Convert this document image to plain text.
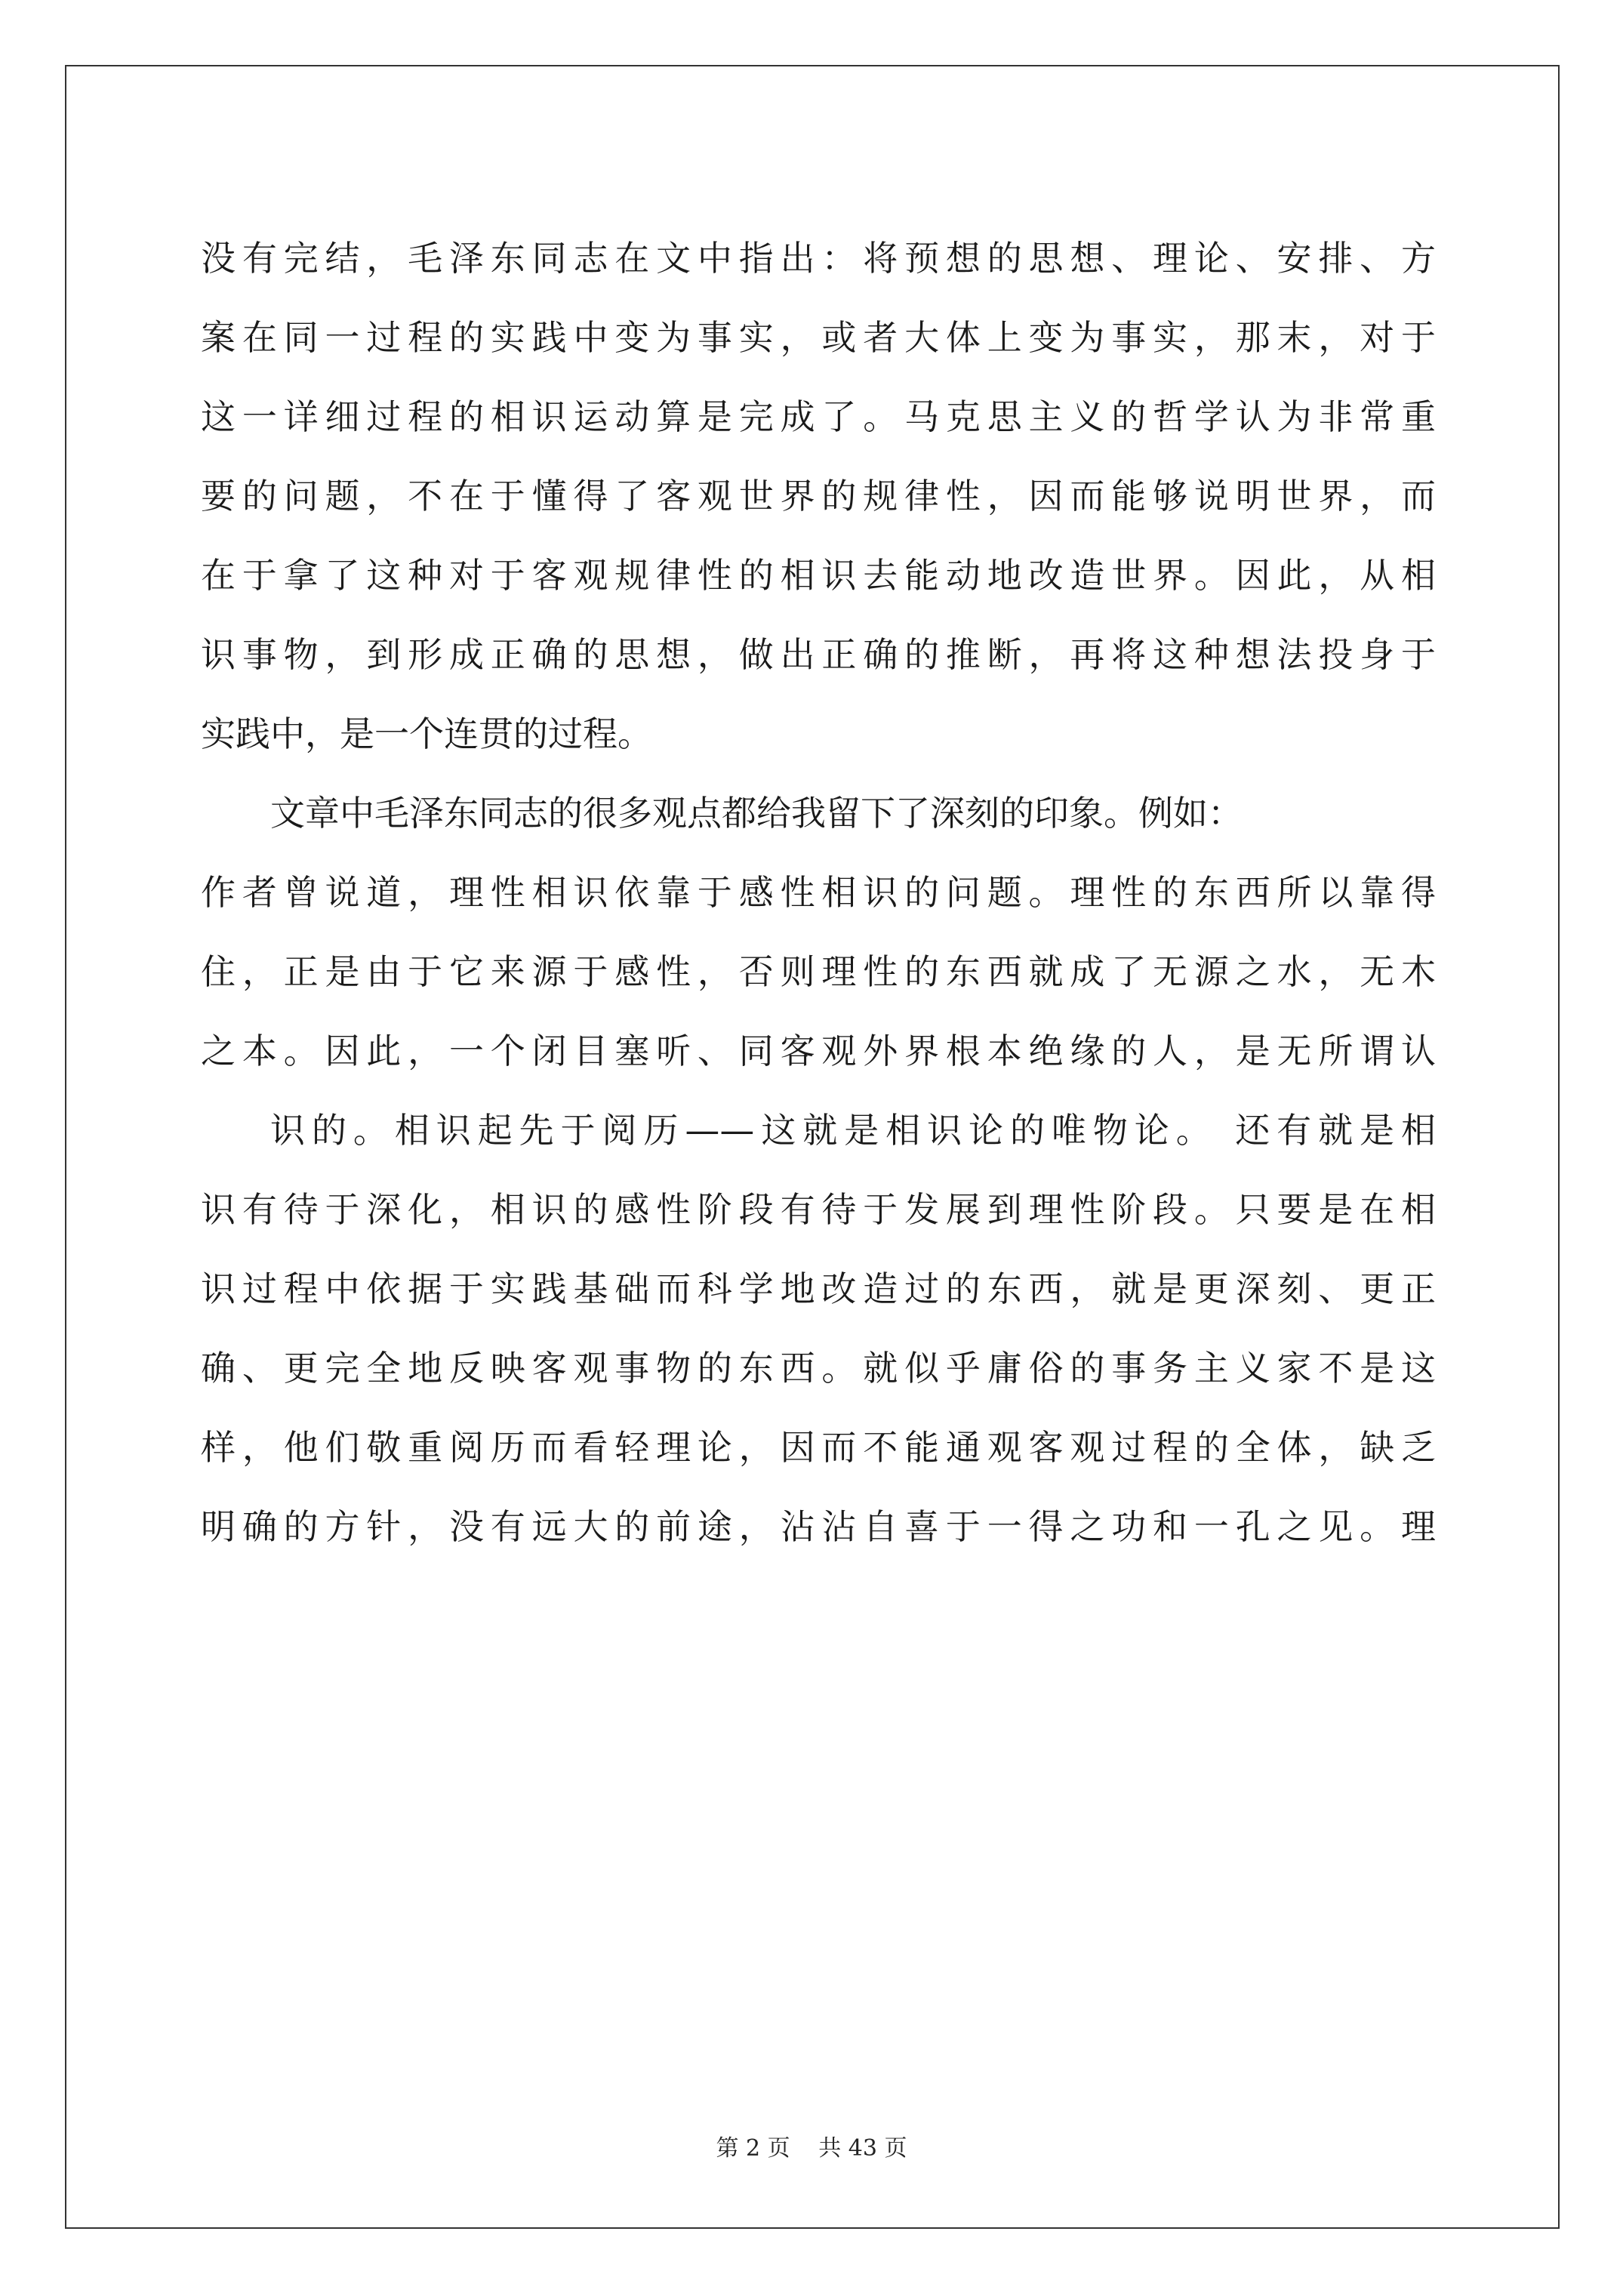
没有完结，毛泽东同志在文中指出：将预想的思想、理论、安排、方
案在同一过程的实践中变为事实，或者大体上变为事实，那末，对于
这一详细过程的相识运动算是完成了。马克思主义的哲学认为非常重
要的问题，不在于懂得了客观世界的规律性，因而能够说明世界，而
在于拿了这种对于客观规律性的相识去能动地改造世界。因此，从相
识事物，到形成正确的思想，做出正确的推断，再将这种想法投身于
实践中，是一个连贯的过程。
文章中毛泽东同志的很多观点都给我留下了深刻的印象。例如：
作者曾说道，理性相识依靠于感性相识的问题。理性的东西所以靠得
住，正是由于它来源于感性，否则理性的东西就成了无源之水，无木
之本。因此，一个闭目塞听、同客观外界根本绝缘的人，是无所谓认
识的。相识起先于阅历——这就是相识论的唯物论。 还有就是相
识有待于深化，相识的感性阶段有待于发展到理性阶段。只要是在相
识过程中依据于实践基础而科学地改造过的东西，就是更深刻、更正
确、更完全地反映客观事物的东西。就似乎庸俗的事务主义家不是这
样，他们敬重阅历而看轻理论，因而不能通观客观过程的全体，缺乏
明确的方针，没有远大的前途，沾沾自喜于一得之功和一孔之见。理
第 2 页 共 43 页
